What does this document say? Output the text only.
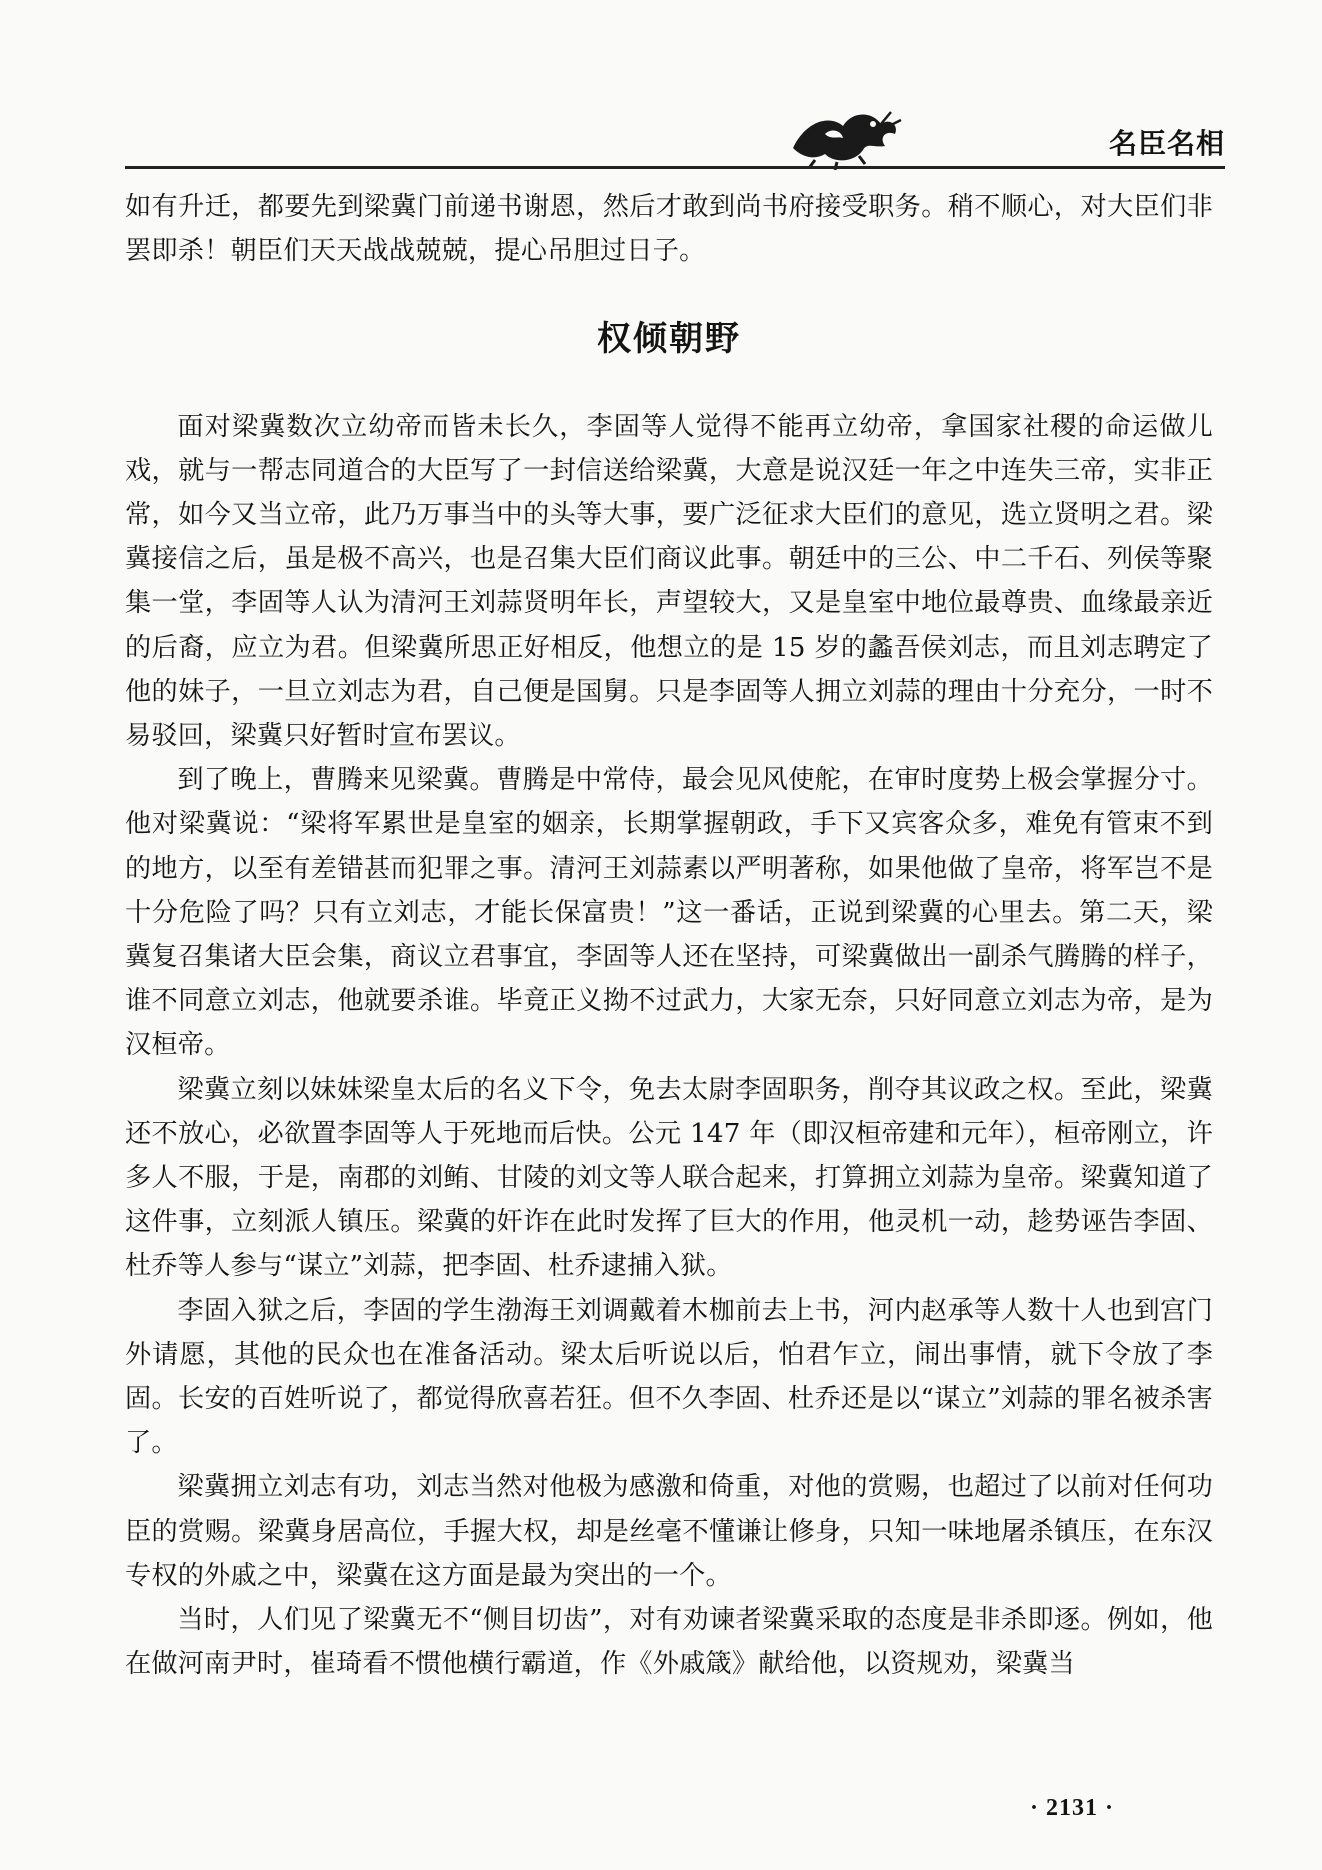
名臣名相

如有升迁，都要先到梁冀门前递书谢恩，然后才敢到尚书府接受职务。稍不顺心，对大臣们非罢即杀！朝臣们天天战战兢兢，提心吊胆过日子。

权倾朝野

面对梁冀数次立幼帝而皆未长久，李固等人觉得不能再立幼帝，拿国家社稷的命运做儿戏，就与一帮志同道合的大臣写了一封信送给梁冀，大意是说汉廷一年之中连失三帝，实非正常，如今又当立帝，此乃万事当中的头等大事，要广泛征求大臣们的意见，选立贤明之君。梁冀接信之后，虽是极不高兴，也是召集大臣们商议此事。朝廷中的三公、中二千石、列侯等聚集一堂，李固等人认为清河王刘蒜贤明年长，声望较大，又是皇室中地位最尊贵、血缘最亲近的后裔，应立为君。但梁冀所思正好相反，他想立的是 15 岁的蠡吾侯刘志，而且刘志聘定了他的妹子，一旦立刘志为君，自己便是国舅。只是李固等人拥立刘蒜的理由十分充分，一时不易驳回，梁冀只好暂时宣布罢议。

到了晚上，曹腾来见梁冀。曹腾是中常侍，最会见风使舵，在审时度势上极会掌握分寸。他对梁冀说：“梁将军累世是皇室的姻亲，长期掌握朝政，手下又宾客众多，难免有管束不到的地方，以至有差错甚而犯罪之事。清河王刘蒜素以严明著称，如果他做了皇帝，将军岂不是十分危险了吗？只有立刘志，才能长保富贵！”这一番话，正说到梁冀的心里去。第二天，梁冀复召集诸大臣会集，商议立君事宜，李固等人还在坚持，可梁冀做出一副杀气腾腾的样子，谁不同意立刘志，他就要杀谁。毕竟正义拗不过武力，大家无奈，只好同意立刘志为帝，是为汉桓帝。

梁冀立刻以妹妹梁皇太后的名义下令，免去太尉李固职务，削夺其议政之权。至此，梁冀还不放心，必欲置李固等人于死地而后快。公元 147 年（即汉桓帝建和元年），桓帝刚立，许多人不服，于是，南郡的刘鲔、甘陵的刘文等人联合起来，打算拥立刘蒜为皇帝。梁冀知道了这件事，立刻派人镇压。梁冀的奸诈在此时发挥了巨大的作用，他灵机一动，趁势诬告李固、杜乔等人参与“谋立”刘蒜，把李固、杜乔逮捕入狱。

李固入狱之后，李固的学生渤海王刘调戴着木枷前去上书，河内赵承等人数十人也到宫门外请愿，其他的民众也在准备活动。梁太后听说以后，怕君乍立，闹出事情，就下令放了李固。长安的百姓听说了，都觉得欣喜若狂。但不久李固、杜乔还是以“谋立”刘蒜的罪名被杀害了。

梁冀拥立刘志有功，刘志当然对他极为感激和倚重，对他的赏赐，也超过了以前对任何功臣的赏赐。梁冀身居高位，手握大权，却是丝毫不懂谦让修身，只知一味地屠杀镇压，在东汉专权的外戚之中，梁冀在这方面是最为突出的一个。

当时，人们见了梁冀无不“侧目切齿”，对有劝谏者梁冀采取的态度是非杀即逐。例如，他在做河南尹时，崔琦看不惯他横行霸道，作《外戚箴》献给他，以资规劝，梁冀当

· 2131 ·
